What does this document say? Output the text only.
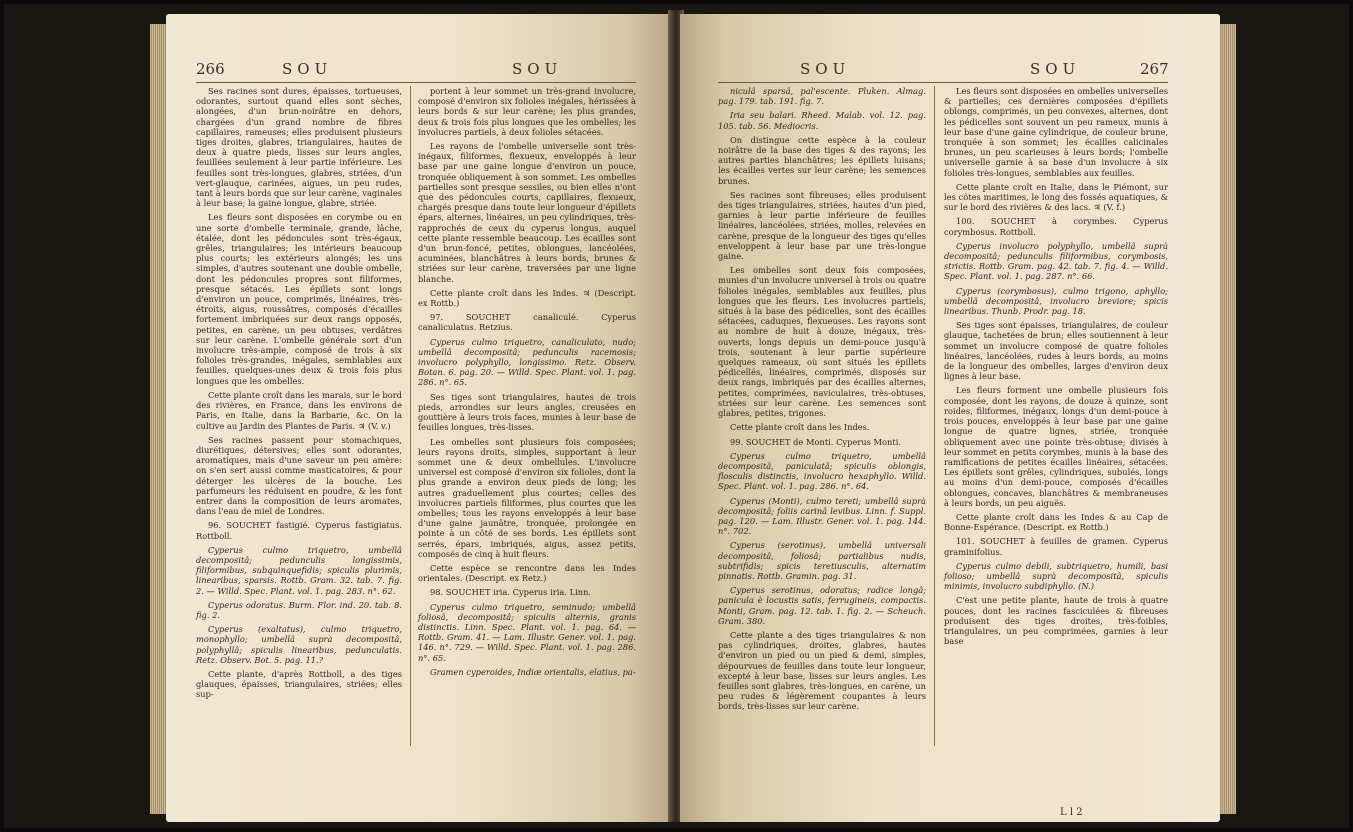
266	SOU	SOU

Ses racines sont dures, épaisses, tortueuses, odorantes, surtout quand elles sont sèches, alongées, d'un brun-noirâtre en dehors, chargées d'un grand nombre de fibres capillaires, rameuses; elles produisent plusieurs tiges droites, glabres, triangulaires, hautes de deux à quatre pieds, lisses sur leurs angles, feuillées seulement à leur partie inférieure. Les feuilles sont très-longues, glabres, striées, d'un vert-glauque, carinées, aigues, un peu rudes, tant à leurs bords que sur leur carène, vaginales à leur base; la gaine longue, glabre, striée.

Les fleurs sont disposées en corymbe ou en une sorte d'ombelle terminale, grande, lâche, étalée, dont les pédoncules sont très-égaux, grêles, triangulaires; les intérieurs beaucoup plus courts; les extérieurs alongés; les uns simples, d'autres soutenant une double ombelle, dont les pédoncules propres sont filiformes, presque sétacés. Les épillets sont longs d'environ un pouce, comprimés, linéaires, très-étroits, aigus, roussâtres, composés d'écailles fortement imbriquées sur deux rangs opposés, petites, en carène, un peu obtuses, verdâtres sur leur carène. L'ombelle générale sort d'un involucre très-ample, composé de trois à six folioles très-grandes, inégales, semblables aux feuilles, quelques-unes deux & trois fois plus longues que les ombelles.

Cette plante croît dans les marais, sur le bord des rivières, en France, dans les environs de Paris, en Italie, dans la Barbarie, &c. On la cultive au Jardin des Plantes de Paris. ♃ (V. v.)

Ses racines passent pour stomachiques, diurétiques, détersives; elles sont odorantes, aromatiques, mais d'une saveur un peu amère: on s'en sert aussi comme masticatoires, & pour déterger les ulcères de la bouche. Les parfumeurs les réduisent en poudre, & les font entrer dans la composition de leurs aromates, dans l'eau de miel de Londres.

96. SOUCHET fastigié. Cyperus fastigiatus. Rottboll.

Cyperus culmo triquetro, umbellâ decompositâ; pedunculis longissimis, filiformibus, subquinquefidis; spiculis plurimis, linearibus, sparsis. Rottb. Gram. 32. tab. 7. fig. 2. — Willd. Spec. Plant. vol. 1. pag. 283. n°. 62.

Cyperus odoratus. Burm. Flor. ind. 20. tab. 8. fig. 2.

Cyperus (exaltatus), culmo triquetro, monophyllo; umbellâ suprà decompositâ, polyphyllâ; spiculis linearibus, pedunculatis. Retz. Observ. Bot. 5. pag. 11.?

Cette plante, d'après Rottboll, a des tiges glauques, épaisses, triangulaires, striées; elles sup-

portent à leur sommet un très-grand involucre, composé d'environ six folioles inégales, hérissées à leurs bords & sur leur carène; les plus grandes, deux & trois fois plus longues que les ombelles; les involucres partiels, à deux folioles sétacées.

Les rayons de l'ombelle universelle sont très-inégaux, filiformes, flexueux, enveloppés à leur base par une gaine longue d'environ un pouce, tronquée obliquement à son sommet. Les ombelles partielles sont presque sessiles, ou bien elles n'ont que des pédoncules courts, capillaires, flexueux, chargés presque dans toute leur longueur d'épillets épars, alternes, linéaires, un peu cylindriques, très-rapprochés de ceux du cyperus longus, auquel cette plante ressemble beaucoup. Les écailles sont d'un brun-foncé, petites, oblongues, lancéolées, acuminées, blanchâtres à leurs bords, brunes & striées sur leur carène, traversées par une ligne blanche.

Cette plante croît dans les Indes. ♃ (Descript. ex Rottb.)

97. SOUCHET canaliculé. Cyperus canaliculatus. Retzius.

Cyperus culmo triquetro, canaliculato, nudo; umbellâ decompositâ; pedunculis racemosis; involucro polyphyllo, longissimo. Retz. Observ. Botan. 6. pag. 20. — Willd. Spec. Plant. vol. 1. pag. 286. n°. 65.

Ses tiges sont triangulaires, hautes de trois pieds, arrondies sur leurs angles, creusées en gouttière à leurs trois faces, munies à leur base de feuilles longues, très-lisses.

Les ombelles sont plusieurs fois composées; leurs rayons droits, simples, supportant à leur sommet une & deux ombellules. L'involucre universel est composé d'environ six folioles, dont la plus grande a environ deux pieds de long; les autres graduellement plus courtes; celles des involucres partiels filiformes, plus courtes que les ombelles; tous les rayons enveloppés à leur base d'une gaine jaunâtre, tronquée, prolongée en pointe à un côté de ses bords. Les épillets sont serrés, épars, imbriqués, aigus, assez petits, composés de cinq à huit fleurs.

Cette espèce se rencontre dans les Indes orientales. (Descript. ex Retz.)

98. SOUCHET iria. Cyperus iria. Linn.

Cyperus culmo triquetro, seminudo; umbellâ foliosâ, decompositâ; spiculis alternis, granis distinctis. Linn. Spec. Plant. vol. 1. pag. 64. — Rottb. Gram. 41. — Lam. Illustr. Gener. vol. 1. pag. 146. n°. 729. — Willd. Spec. Plant. vol. 1. pag. 286. n°. 65.

Gramen cyperoides, Indiæ orientalis, elatius, pa-

SOU	SOU	267

niculâ sparsâ, pal'escente. Pluken. Almag. pag. 179. tab. 191. fig. 7.

Iria seu balari. Rheed. Malab. vol. 12. pag. 105. tab. 56. Mediocris.

On distingue cette espèce à la couleur noirâtre de la base des tiges & des rayons; les autres parties blanchâtres; les épillets luisans; les écailles vertes sur leur carène; les semences brunes.

Ses racines sont fibreuses; elles produisent des tiges triangulaires, striées, hautes d'un pied, garnies à leur partie inférieure de feuilles linéaires, lancéolées, striées, molles, relevées en carène, presque de la longueur des tiges qu'elles enveloppent à leur base par une très-longue gaine.

Les ombelles sont deux fois composées, munies d'un involucre universel à trois ou quatre folioles inégales, semblables aux feuilles, plus longues que les fleurs. Les involucres partiels, situés à la base des pédicelles, sont des écailles sétacées, caduques, flexueuses. Les rayons sont au nombre de huit à douze, inégaux, très-ouverts, longs depuis un demi-pouce jusqu'à trois, soutenant à leur partie supérieure quelques rameaux, où sont situés les épillets pédicellés, linéaires, comprimés, disposés sur deux rangs, imbriqués par des écailles alternes, petites, comprimées, naviculaires, très-obtuses, striées sur leur carène. Les semences sont glabres, petites, trigones.

Cette plante croît dans les Indes.

99. SOUCHET de Monti. Cyperus Monti.

Cyperus culmo triquetro, umbellâ decompositâ, paniculatâ; spiculis oblongis, flosculis distinctis, involucro hexaphyllo. Willd. Spec. Plant. vol. 1. pag. 286. n°. 64.

Cyperus (Monti), culmo tereti; umbellâ suprà decompositâ; foliis carinâ levibus. Linn. f. Suppl. pag. 120. — Lam. Illustr. Gener. vol. 1. pag. 144. n°. 702.

Cyperus (serotinus), umbellâ universali decompositâ, foliosâ; partialibus nudis, subtrifidis; spicis teretiusculis, alternatim pinnatis. Rottb. Gramin. pag. 31.

Cyperus serotinus, odoratus; radice longâ; panicula è locustis satis, ferrugineis, compactis. Monti, Gram. pag. 12. tab. 1. fig. 2. — Scheuch. Gram. 380.

Cette plante a des tiges triangulaires & non pas cylindriques, droites, glabres, hautes d'environ un pied ou un pied & demi, simples, dépourvues de feuilles dans toute leur longueur, excepté à leur base, lisses sur leurs angles. Les feuilles sont glabres, très-longues, en carène, un peu rudes & légèrement coupantes à leurs bords, très-lisses sur leur carène.

Les fleurs sont disposées en ombelles universelles & partielles; ces dernières composées d'épillets oblongs, comprimés, un peu convexes, alternes, dont les pédicelles sont souvent un peu rameux, munis à leur base d'une gaine cylindrique, de couleur brune, tronquée à son sommet; les écailles calicinales brunes, un peu scarieuses à leurs bords; l'ombelle universelle garnie à sa base d'un involucre à six folioles très-longues, semblables aux feuilles.

Cette plante croît en Italie, dans le Piémont, sur les côtes maritimes, le long des fossés aquatiques, & sur le bord des rivières & des lacs. ♃ (V. f.)

100. SOUCHET à corymbes. Cyperus corymbosus. Rottboll.

Cyperus involucro polyphyllo, umbellâ suprà decompositâ; pedunculis filiformibus, corymbosis, strictis. Rottb. Gram. pag. 42. tab. 7. fig. 4. — Willd. Spec. Plant. vol. 1. pag. 287. n°. 66.

Cyperus (corymbosus), culmo trigono, aphyllo; umbellâ decompositâ, involucro breviore; spicis linearibus. Thunb. Prodr. pag. 18.

Ses tiges sont épaisses, triangulaires, de couleur glauque, tachetées de brun; elles soutiennent à leur sommet un involucre composé de quatre folioles linéaires, lancéolées, rudes à leurs bords, au moins de la longueur des ombelles, larges d'environ deux lignes à leur base.

Les fleurs forment une ombelle plusieurs fois composée, dont les rayons, de douze à quinze, sont roides, filiformes, inégaux, longs d'un demi-pouce à trois pouces, enveloppés à leur base par une gaine longue de quatre lignes, striée, tronquée obliquement avec une pointe très-obtuse; divisés à leur sommet en petits corymbes, munis à la base des ramifications de petites écailles linéaires, sétacées. Les épillets sont grêles, cylindriques, subulés, longs au moins d'un demi-pouce, composés d'écailles oblongues, concaves, blanchâtres & membraneuses à leurs bords, un peu aiguës.

Cette plante croît dans les Indes & au Cap de Bonne-Espérance. (Descript. ex Rottb.)

101. SOUCHET à feuilles de gramen. Cyperus graminifolius.

Cyperus culmo debili, subtriquetro, humili, basi folioso; umbellâ suprà decompositâ, spiculis minimis, involucro subdiphyllo. (N.)

C'est une petite plante, haute de trois à quatre pouces, dont les racines fasciculées & fibreuses produisent des tiges droites, très-foibles, triangulaires, un peu comprimées, garnies à leur base

L l 2
